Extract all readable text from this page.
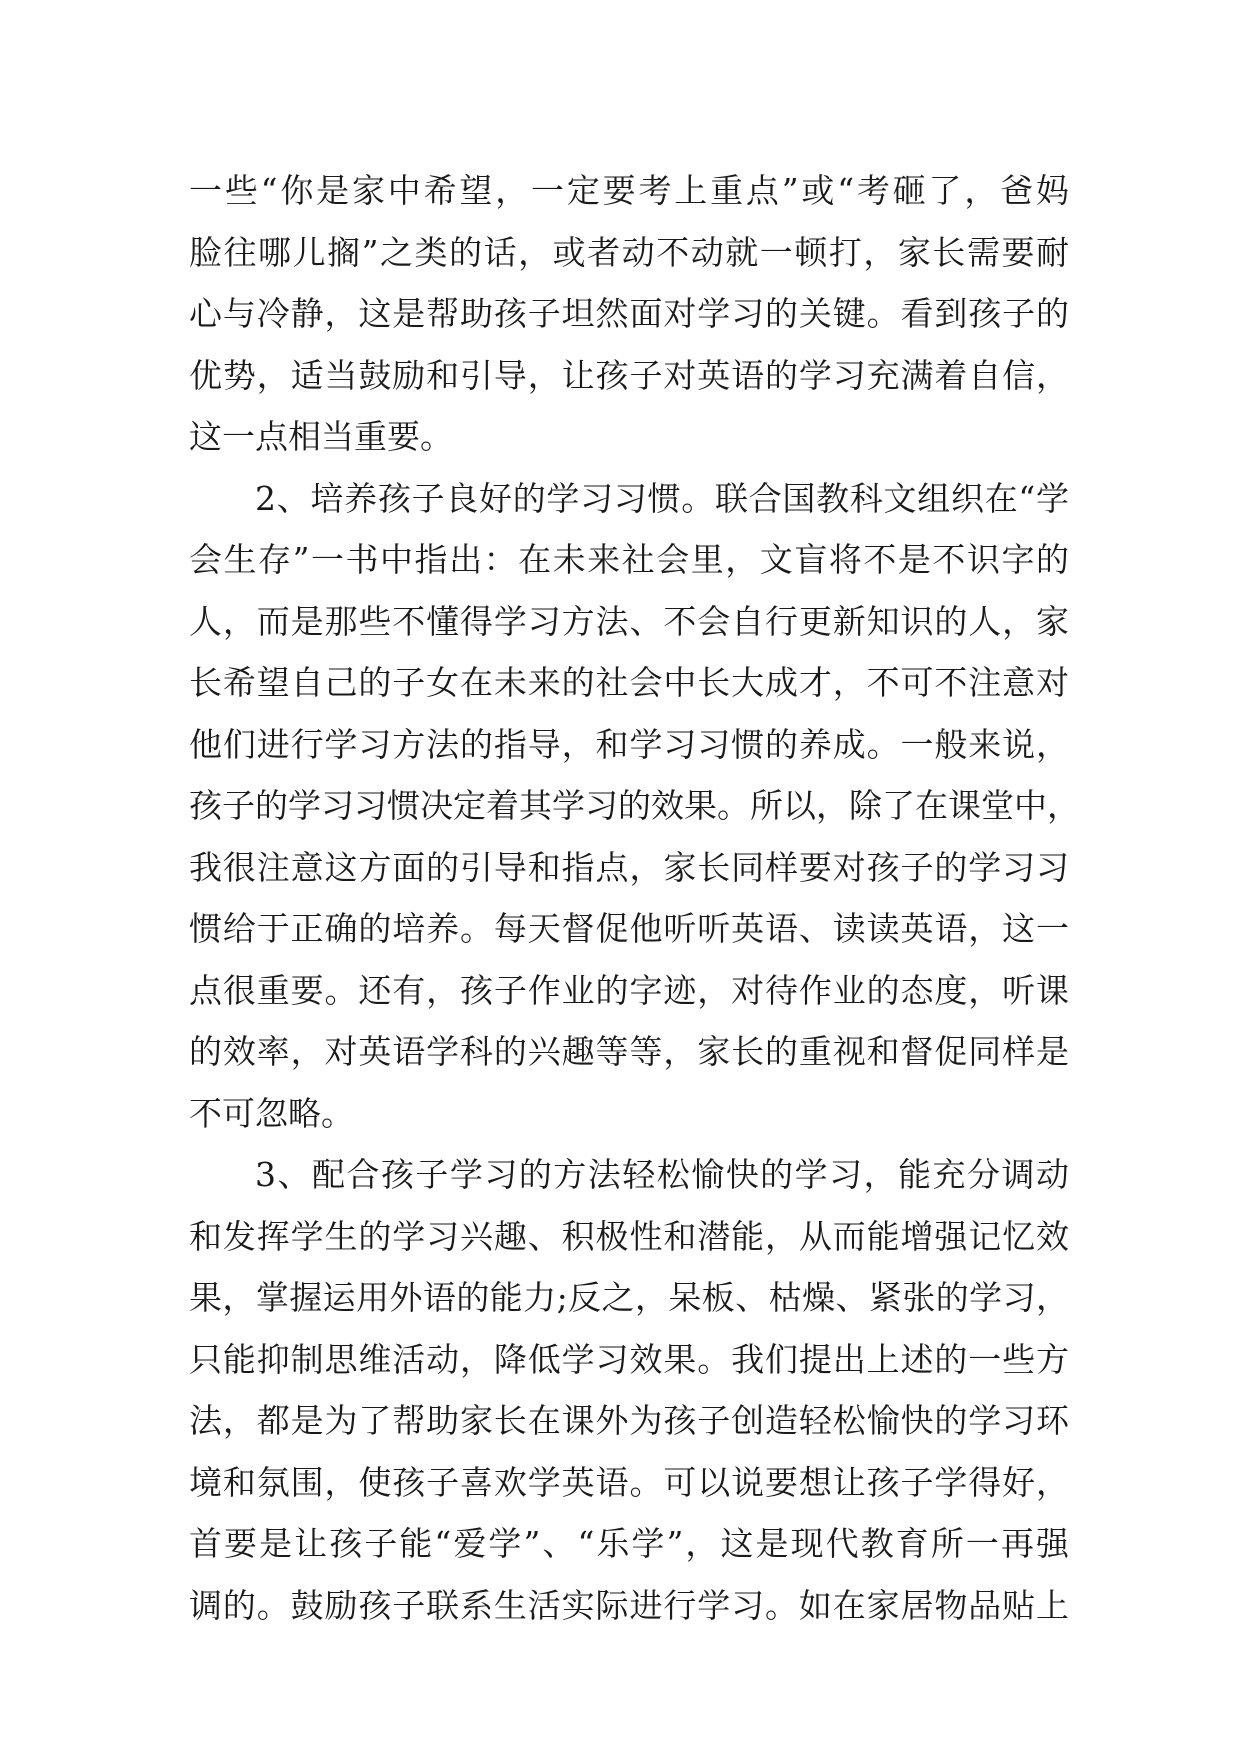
一些“你是家中希望，一定要考上重点”或“考砸了，爸妈
脸往哪儿搁”之类的话，或者动不动就一顿打，家长需要耐
心与冷静，这是帮助孩子坦然面对学习的关键。看到孩子的
优势，适当鼓励和引导，让孩子对英语的学习充满着自信，
这一点相当重要。
2、培养孩子良好的学习习惯。联合国教科文组织在“学
会生存”一书中指出：在未来社会里，文盲将不是不识字的
人，而是那些不懂得学习方法、不会自行更新知识的人，家
长希望自己的子女在未来的社会中长大成才，不可不注意对
他们进行学习方法的指导，和学习习惯的养成。一般来说，
孩子的学习习惯决定着其学习的效果。所以，除了在课堂中，
我很注意这方面的引导和指点，家长同样要对孩子的学习习
惯给于正确的培养。每天督促他听听英语、读读英语，这一
点很重要。还有，孩子作业的字迹，对待作业的态度，听课
的效率，对英语学科的兴趣等等，家长的重视和督促同样是
不可忽略。
3、配合孩子学习的方法轻松愉快的学习，能充分调动
和发挥学生的学习兴趣、积极性和潜能，从而能增强记忆效
果，掌握运用外语的能力;反之，呆板、枯燥、紧张的学习，
只能抑制思维活动，降低学习效果。我们提出上述的一些方
法，都是为了帮助家长在课外为孩子创造轻松愉快的学习环
境和氛围，使孩子喜欢学英语。可以说要想让孩子学得好，
首要是让孩子能“爱学”、“乐学”，这是现代教育所一再强
调的。鼓励孩子联系生活实际进行学习。如在家居物品贴上
